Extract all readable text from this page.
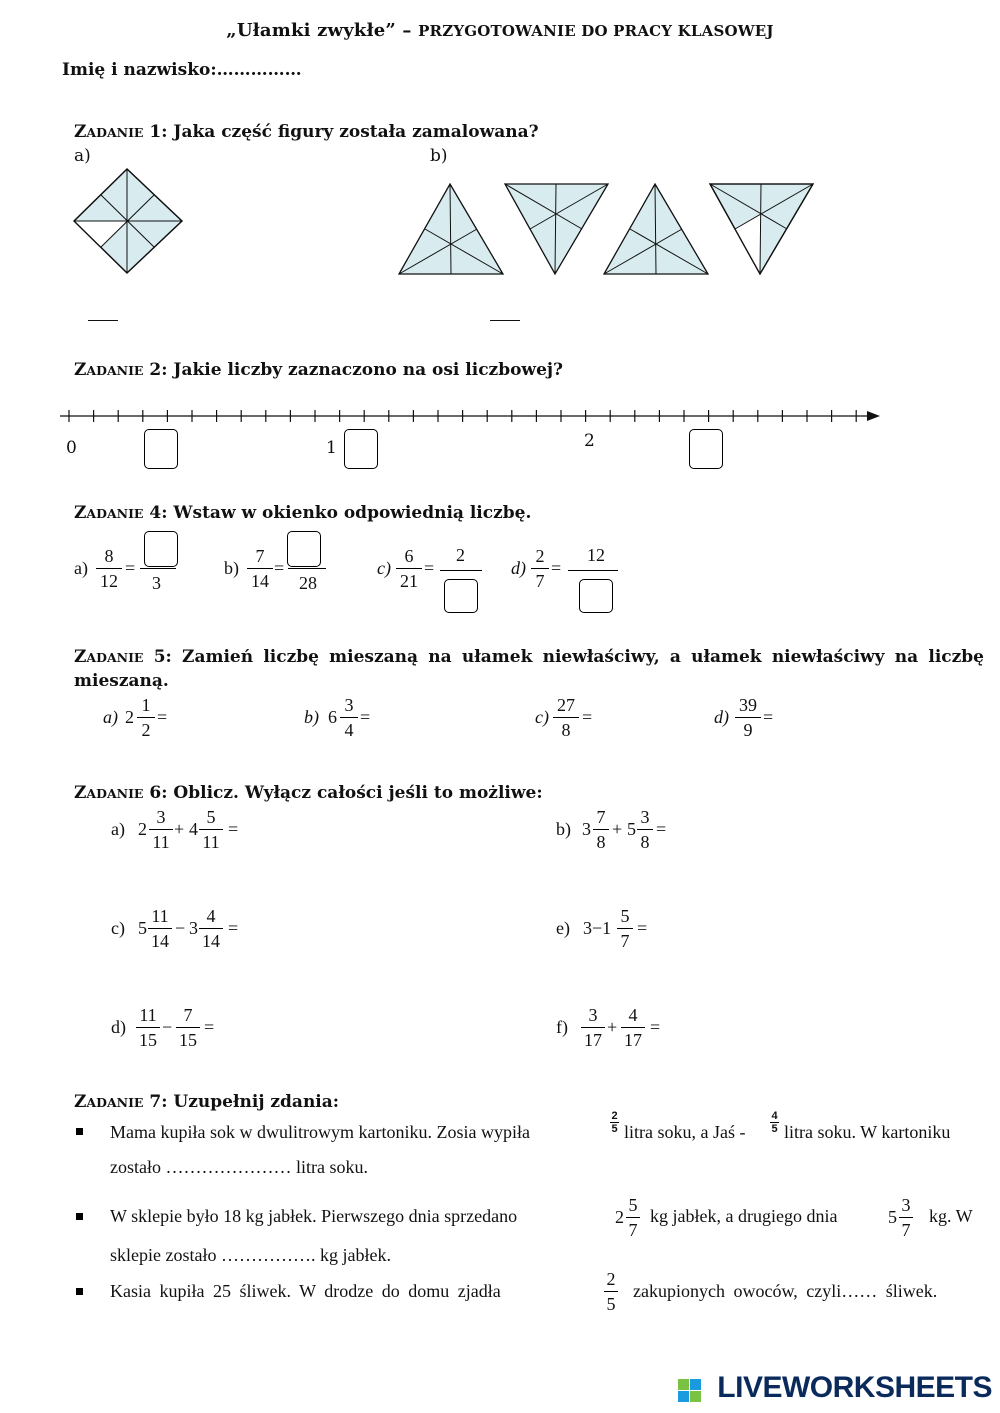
„Ułamki zwykłe” – PRZYGOTOWANIE DO PRACY KLASOWEJ
Imię i nazwisko:……………
ZADANIE 1: Jaka część figury została zamalowana?
a)	b)
ZADANIE 2: Jakie liczby zaznaczono na osi liczbowej?
0	1	2
ZADANIE 4: Wstaw w okienko odpowiednią liczbę.
a)
8
12
=
3
b)
7
14
=
28
c)
6
21
=
2
d)
2
7
=
12
ZADANIE 5: Zamień liczbę mieszaną na ułamek niewłaściwy, a ułamek niewłaściwy na liczbę
mieszaną.
a) 2
1
2
=	b) 6
3
4
=	c)
27
8
=	d)
39
9
=
ZADANIE 6: Oblicz. Wyłącz całości jeśli to możliwe:
a) 2
3
11
+ 4
5
11
=	b) 3
7
8
+ 5
3
8
=
c) 5
11
14
− 3
4
14
=	e) 3−1
5
7
=
d)
11
15
−
7
15
=	f)
3
17
+
4
17
=
ZADANIE 7: Uzupełnij zdania:
Mama kupiła sok w dwulitrowym kartoniku. Zosia wypiła
2
5 litra soku, a Jaś -
4
5 litra soku. W kartoniku
zostało ………………… litra soku.
W sklepie było 18 kg jabłek. Pierwszego dnia sprzedano	2
5
7
kg jabłek, a drugiego dnia	5
3
7
kg. W
sklepie zostało ……………. kg jabłek.
Kasia kupiła 25 śliwek. W drodze do domu zjadła
2
5
zakupionych owoców, czyli…… śliwek.
LIVEWORKSHEETS
